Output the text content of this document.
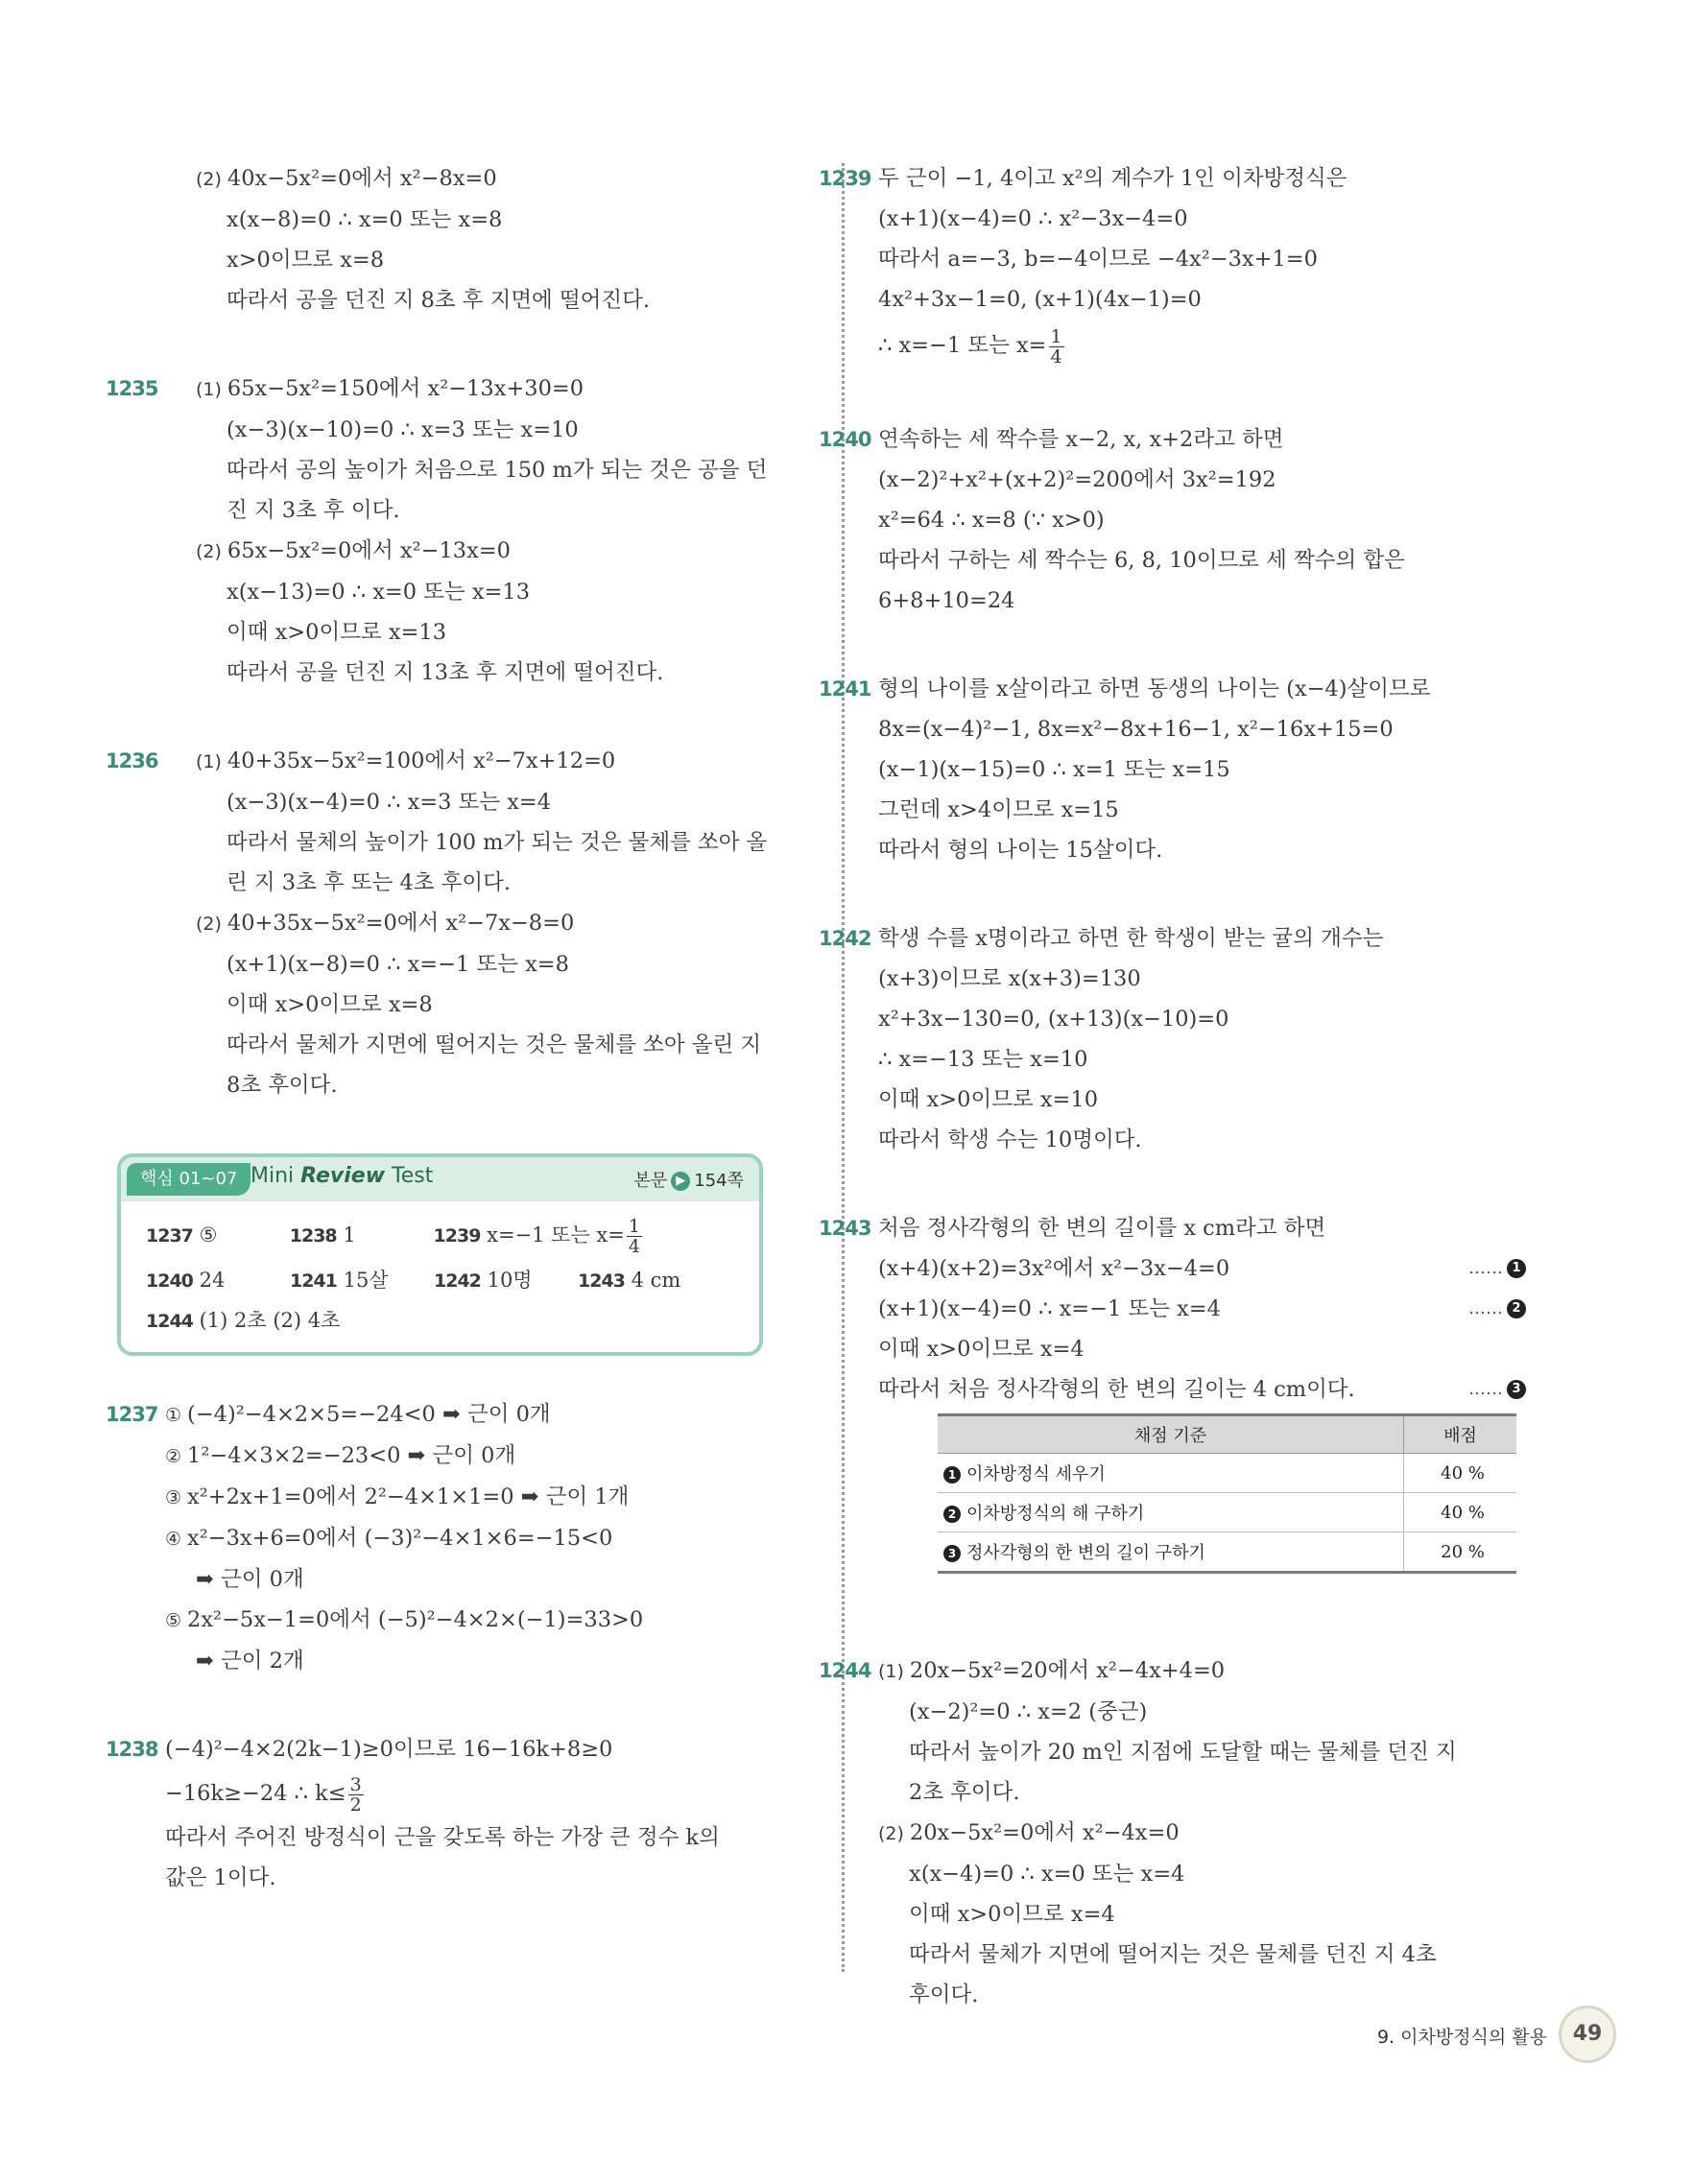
(2) 40x−5x²=0에서 x²−8x=0
x(x−8)=0 ∴ x=0 또는 x=8
x>0이므로 x=8
따라서 공을 던진 지 8초 후 지면에 떨어진다.
1235	(1) 65x−5x²=150에서 x²−13x+30=0
(x−3)(x−10)=0 ∴ x=3 또는 x=10
따라서 공의 높이가 처음으로 150 m가 되는 것은 공을 던
진 지 3초 후 이다.
(2) 65x−5x²=0에서 x²−13x=0
x(x−13)=0 ∴ x=0 또는 x=13
이때 x>0이므로 x=13
따라서 공을 던진 지 13초 후 지면에 떨어진다.
1236	(1) 40+35x−5x²=100에서 x²−7x+12=0
(x−3)(x−4)=0 ∴ x=3 또는 x=4
따라서 물체의 높이가 100 m가 되는 것은 물체를 쏘아 올
린 지 3초 후 또는 4초 후이다.
(2) 40+35x−5x²=0에서 x²−7x−8=0
(x+1)(x−8)=0 ∴ x=−1 또는 x=8
이때 x>0이므로 x=8
따라서 물체가 지면에 떨어지는 것은 물체를 쏘아 올린 지
8초 후이다.
핵심 01~07 Mini Review Test	본문 ▶ 154쪽
1237 ⑤	1238 1	1239 x=−1 또는 $x= \frac{1}{4}$
1240 24	1241 15살	1242 10명	1243 4 cm
1244 (1) 2초 (2) 4초
1237 ① (−4)²−4×2×5=−24<0 ➡ 근이 0개
② 1²−4×3×2=−23<0 ➡ 근이 0개
③ x²+2x+1=0에서 2²−4×1×1=0 ➡ 근이 1개
④ x²−3x+6=0에서 (−3)²−4×1×6=−15<0
➡ 근이 0개
⑤ 2x²−5x−1=0에서 (−5)²−4×2×(−1)=33>0
➡ 근이 2개
1238 (−4)²−4×2(2k−1)≥0이므로 16−16k+8≥0
−16k≥−24 ∴ $k\le \frac{3}{2}$
따라서 주어진 방정식이 근을 갖도록 하는 가장 큰 정수 k의
값은 1이다.
1239 두 근이 −1, 4이고 x²의 계수가 1인 이차방정식은
(x+1)(x−4)=0 ∴ x²−3x−4=0
따라서 a=−3, b=−4이므로 −4x²−3x+1=0
4x²+3x−1=0, (x+1)(4x−1)=0
∴ x=−1 또는 $x= \frac{1}{4}$
1240 연속하는 세 짝수를 x−2, x, x+2라고 하면
(x−2)²+x²+(x+2)²=200에서 3x²=192
x²=64 ∴ x=8 (∵ x>0)
따라서 구하는 세 짝수는 6, 8, 10이므로 세 짝수의 합은
6+8+10=24
1241 형의 나이를 x살이라고 하면 동생의 나이는 (x−4)살이므로
8x=(x−4)²−1, 8x=x²−8x+16−1, x²−16x+15=0
(x−1)(x−15)=0 ∴ x=1 또는 x=15
그런데 x>4이므로 x=15
따라서 형의 나이는 15살이다.
1242 학생 수를 x명이라고 하면 한 학생이 받는 귤의 개수는
(x+3)이므로 x(x+3)=130
x²+3x−130=0, (x+13)(x−10)=0
∴ x=−13 또는 x=10
이때 x>0이므로 x=10
따라서 학생 수는 10명이다.
1243 처음 정사각형의 한 변의 길이를 x cm라고 하면
(x+4)(x+2)=3x²에서 x²−3x−4=0	…… 1
(x+1)(x−4)=0 ∴ x=−1 또는 x=4	…… 2
이때 x>0이므로 x=4
따라서 처음 정사각형의 한 변의 길이는 4 cm이다.	…… 3
채점 기준	배점
1 이차방정식 세우기	40 %
2 이차방정식의 해 구하기	40 %
3 정사각형의 한 변의 길이 구하기	20 %
1244 (1) 20x−5x²=20에서 x²−4x+4=0
(x−2)²=0 ∴ x=2 (중근)
따라서 높이가 20 m인 지점에 도달할 때는 물체를 던진 지
2초 후이다.
(2) 20x−5x²=0에서 x²−4x=0
x(x−4)=0 ∴ x=0 또는 x=4
이때 x>0이므로 x=4
따라서 물체가 지면에 떨어지는 것은 물체를 던진 지 4초
후이다.
9. 이차방정식의 활용	49
